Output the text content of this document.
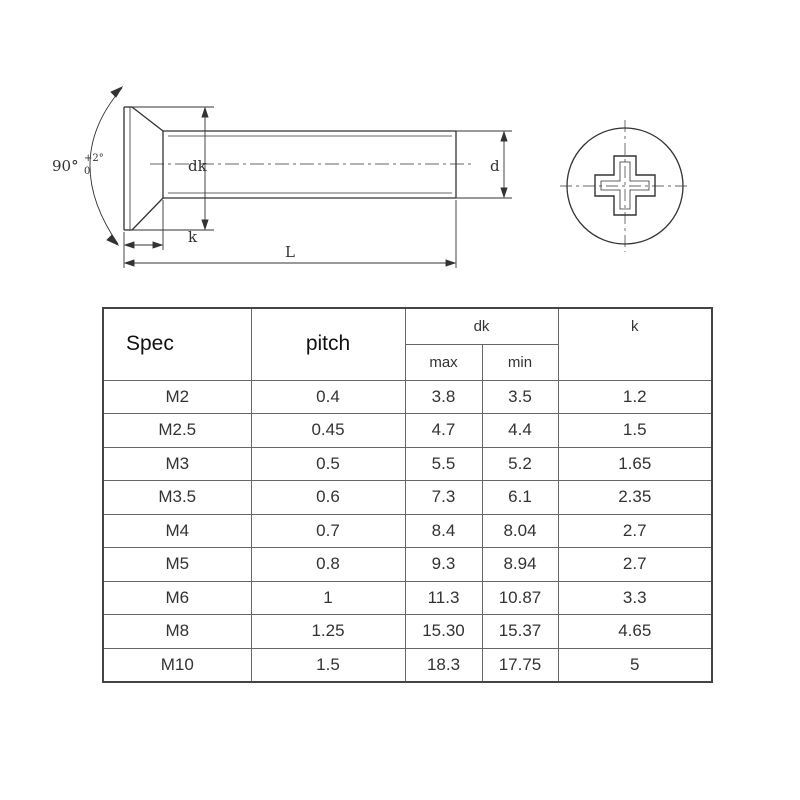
90° +2°
0	dk	d
k
L
Spec	pitch	dk		k
		max	min	
M2	0.4	3.8	3.5	1.2
M2.5	0.45	4.7	4.4	1.5
M3	0.5	5.5	5.2	1.65
M3.5	0.6	7.3	6.1	2.35
M4	0.7	8.4	8.04	2.7
M5	0.8	9.3	8.94	2.7
M6	1	11.3	10.87	3.3
M8	1.25	15.30	15.37	4.65
M10	1.5	18.3	17.75	5
